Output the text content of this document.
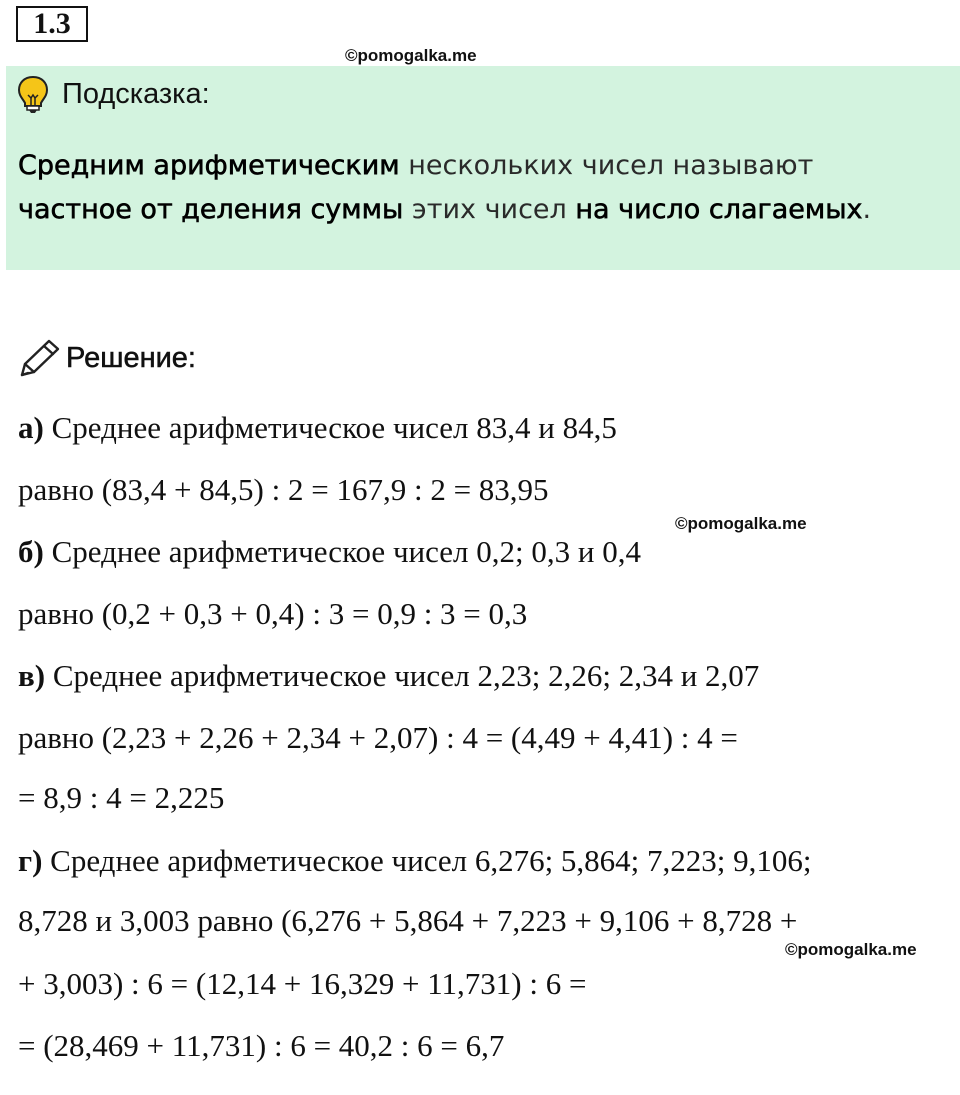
1.3
©pomogalka.me
Подсказка:
Средним арифметическим нескольких чисел называют
частное от деления суммы этих чисел на число слагаемых.
Решение:
а) Среднее арифметическое чисел 83,4 и 84,5
равно (83,4 + 84,5) : 2 = 167,9 : 2 = 83,95
©pomogalka.me
б) Среднее арифметическое чисел 0,2; 0,3 и 0,4
равно (0,2 + 0,3 + 0,4) : 3 = 0,9 : 3 = 0,3
в) Среднее арифметическое чисел 2,23; 2,26; 2,34 и 2,07
равно (2,23 + 2,26 + 2,34 + 2,07) : 4 = (4,49 + 4,41) : 4 =
= 8,9 : 4 = 2,225
г) Среднее арифметическое чисел 6,276; 5,864; 7,223; 9,106;
8,728 и 3,003 равно (6,276 + 5,864 + 7,223 + 9,106 + 8,728 +
©pomogalka.me
+ 3,003) : 6 = (12,14 + 16,329 + 11,731) : 6 =
= (28,469 + 11,731) : 6 = 40,2 : 6 = 6,7
